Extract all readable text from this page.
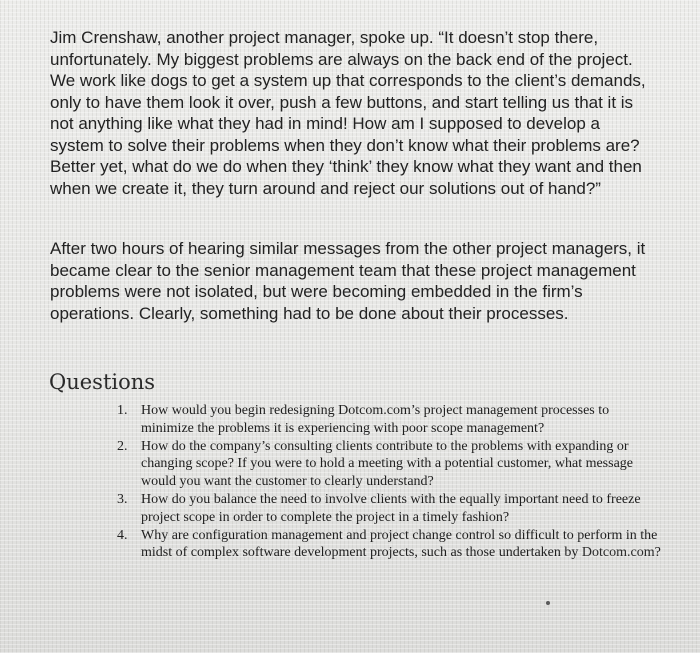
Jim Crenshaw, another project manager, spoke up. “It doesn’t stop there, unfortunately. My biggest problems are always on the back end of the project. We work like dogs to get a system up that corresponds to the client’s demands, only to have them look it over, push a few buttons, and start telling us that it is not anything like what they had in mind! How am I supposed to develop a system to solve their problems when they don’t know what their problems are? Better yet, what do we do when they ‘think’ they know what they want and then when we create it, they turn around and reject our solutions out of hand?”

After two hours of hearing similar messages from the other project managers, it became clear to the senior management team that these project management problems were not isolated, but were becoming embedded in the firm’s operations. Clearly, something had to be done about their processes.

Questions
1. How would you begin redesigning Dotcom.com’s project management processes to minimize the problems it is experiencing with poor scope management?
2. How do the company’s consulting clients contribute to the problems with expanding or changing scope? If you were to hold a meeting with a potential customer, what message would you want the customer to clearly understand?
3. How do you balance the need to involve clients with the equally important need to freeze project scope in order to complete the project in a timely fashion?
4. Why are configuration management and project change control so difficult to perform in the midst of complex software development projects, such as those undertaken by Dotcom.com?
